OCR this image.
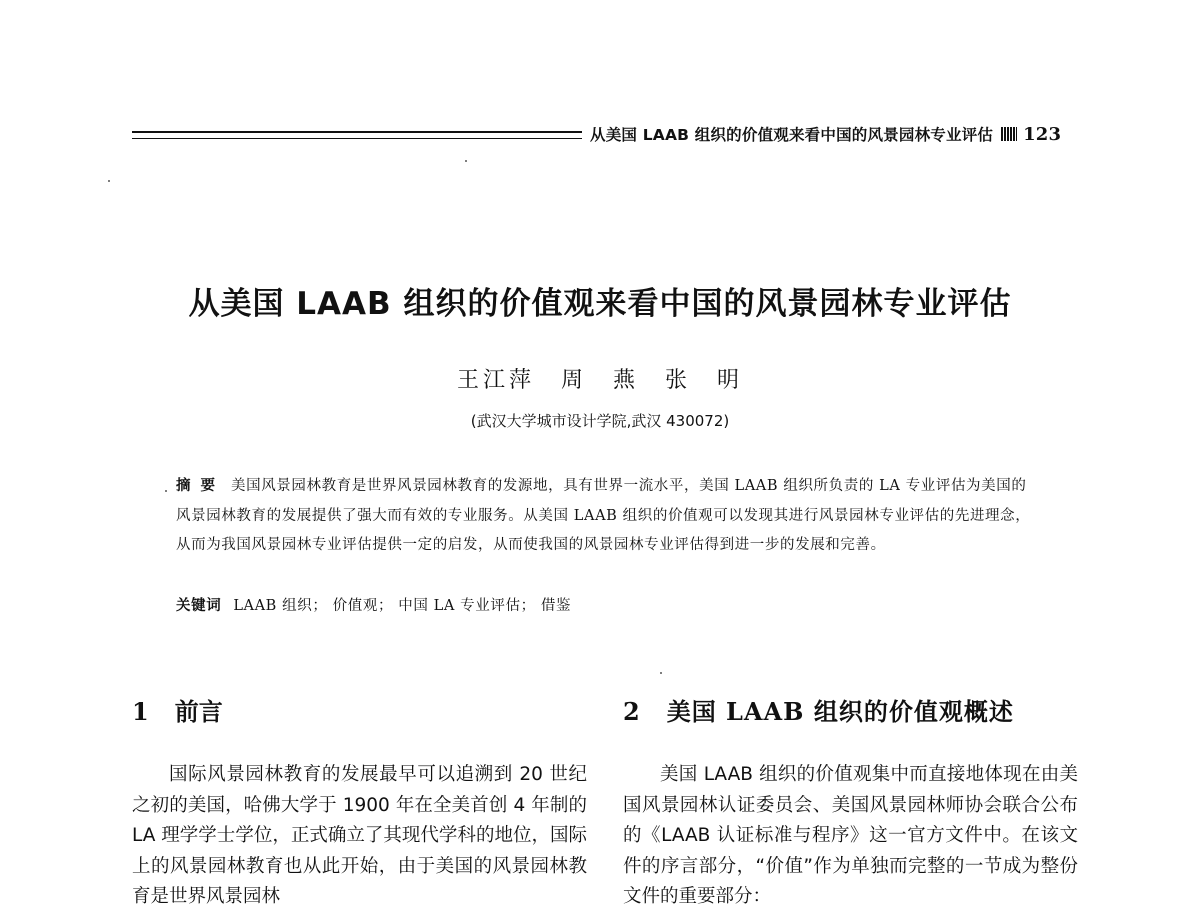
从美国 LAAB 组织的价值观来看中国的风景园林专业评估 123
从美国 LAAB 组织的价值观来看中国的风景园林专业评估
王江萍　周　燕　张　明
(武汉大学城市设计学院,武汉 430072)
摘要 美国风景园林教育是世界风景园林教育的发源地，具有世界一流水平，美国 LAAB 组织所负责的 LA 专业评估为美国的风景园林教育的发展提供了强大而有效的专业服务。从美国 LAAB 组织的价值观可以发现其进行风景园林专业评估的先进理念，从而为我国风景园林专业评估提供一定的启发，从而使我国的风景园林专业评估得到进一步的发展和完善。
关键词 LAAB 组织； 价值观； 中国 LA 专业评估； 借鉴
1 前言

国际风景园林教育的发展最早可以追溯到 20 世纪之初的美国，哈佛大学于 1900 年在全美首创 4 年制的 LA 理学学士学位，正式确立了其现代学科的地位，国际上的风景园林教育也从此开始，由于美国的风景园林教育是世界风景园林

2 美国 LAAB 组织的价值观概述

美国 LAAB 组织的价值观集中而直接地体现在由美国风景园林认证委员会、美国风景园林师协会联合公布的《LAAB 认证标准与程序》这一官方文件中。在该文件的序言部分，“价值”作为单独而完整的一节成为整份文件的重要部分：
